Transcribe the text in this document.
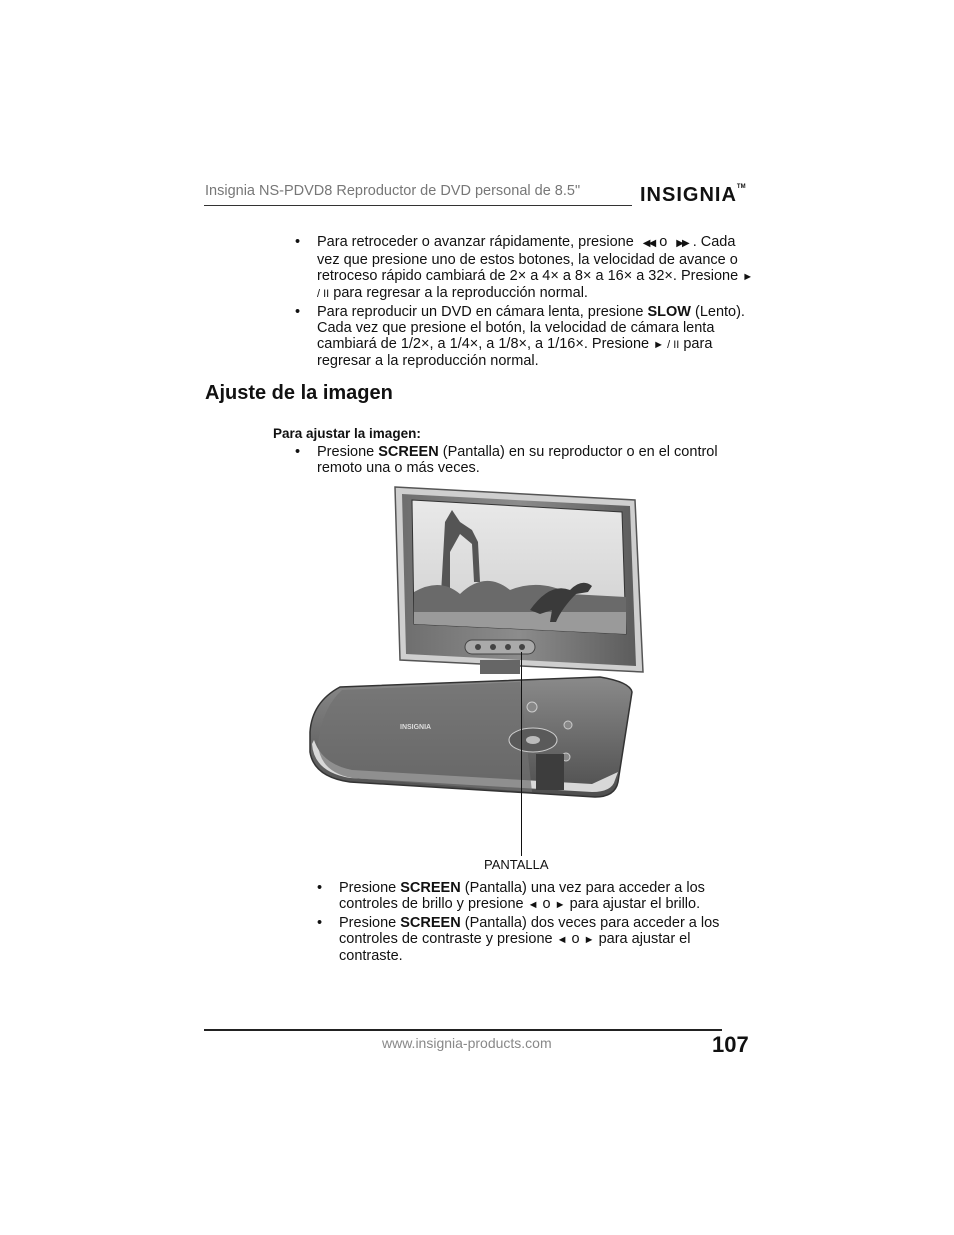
Insignia NS-PDVD8 Reproductor de DVD personal de 8.5"	INSIGNIA™
• Para retroceder o avanzar rápidamente, presione ◀◀ o ▶▶ . Cada vez que presione uno de estos botones, la velocidad de avance o retroceso rápido cambiará de 2× a 4× a 8× a 16× a 32×. Presione ► / II para regresar a la reproducción normal.
• Para reproducir un DVD en cámara lenta, presione SLOW (Lento). Cada vez que presione el botón, la velocidad de cámara lenta cambiará de 1/2×, a 1/4×, a 1/8×, a 1/16×. Presione ► / II para regresar a la reproducción normal.
Ajuste de la imagen
Para ajustar la imagen:
• Presione SCREEN (Pantalla) en su reproductor o en el control remoto una o más veces.
INSIGNIA
PANTALLA
• Presione SCREEN (Pantalla) una vez para acceder a los controles de brillo y presione ◄ o ► para ajustar el brillo.
• Presione SCREEN (Pantalla) dos veces para acceder a los controles de contraste y presione ◄ o ► para ajustar el contraste.
www.insignia-products.com	107
